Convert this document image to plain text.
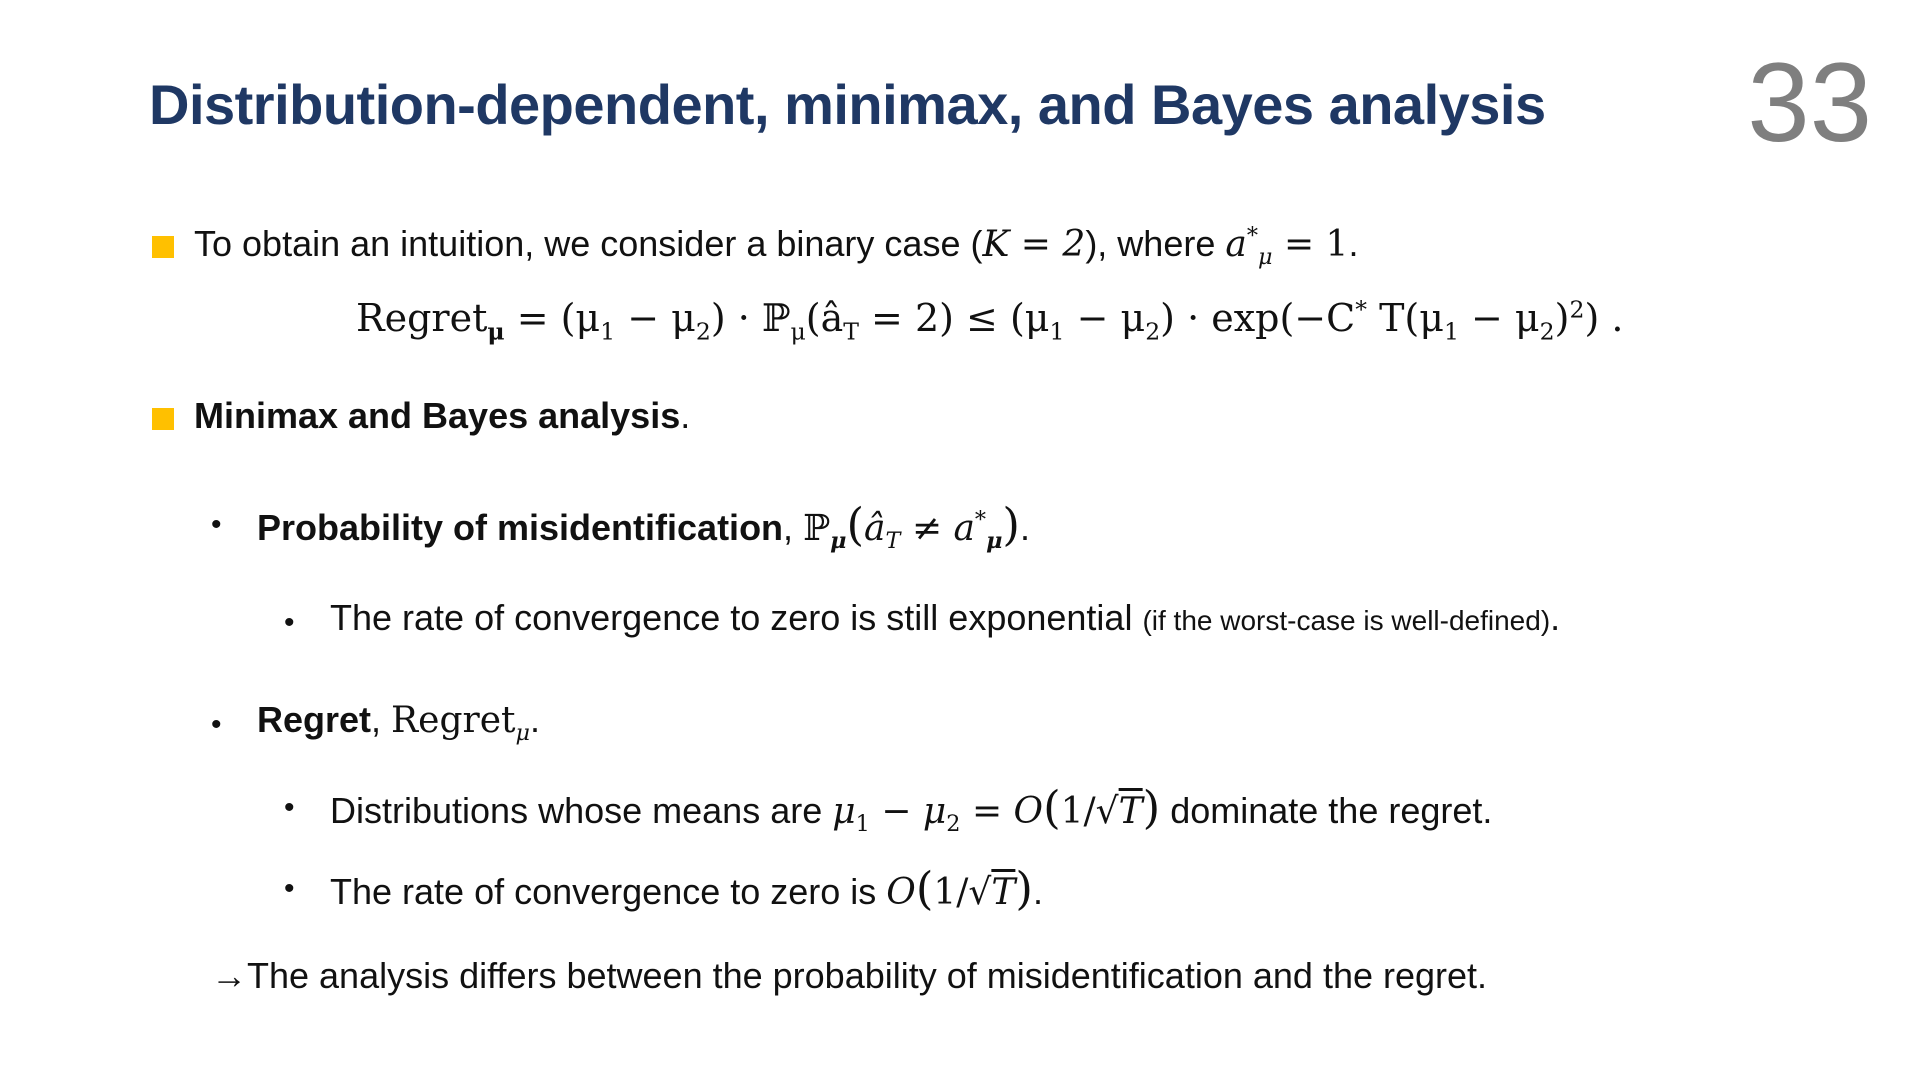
Distribution-dependent, minimax, and Bayes analysis 33
To obtain an intuition, we consider a binary case (K = 2), where $a^*_\mu = 1$.
Regret$_\mu$ = $(\mu_1 - \mu_2)$ · $ℙ_\mu(â_T = 2) \le (\mu_1 - \mu_2) \cdot \exp(-C^*$ $T(\mu_1 - \mu_2)^2$) .
Minimax and Bayes analysis.
• Probability of misidentification, $ℙ_\mu(â_T \ne a^*_\mu)$.
• The rate of convergence to zero is still exponential (if the worst-case is well-defined).
• Regret, Regret$_\mu$.
• Distributions whose means are $\mu_1 - \mu_2 = O(1/√T)$ dominate the regret.
• The rate of convergence to zero is O(1/√T).
→The analysis differs between the probability of misidentification and the regret.
